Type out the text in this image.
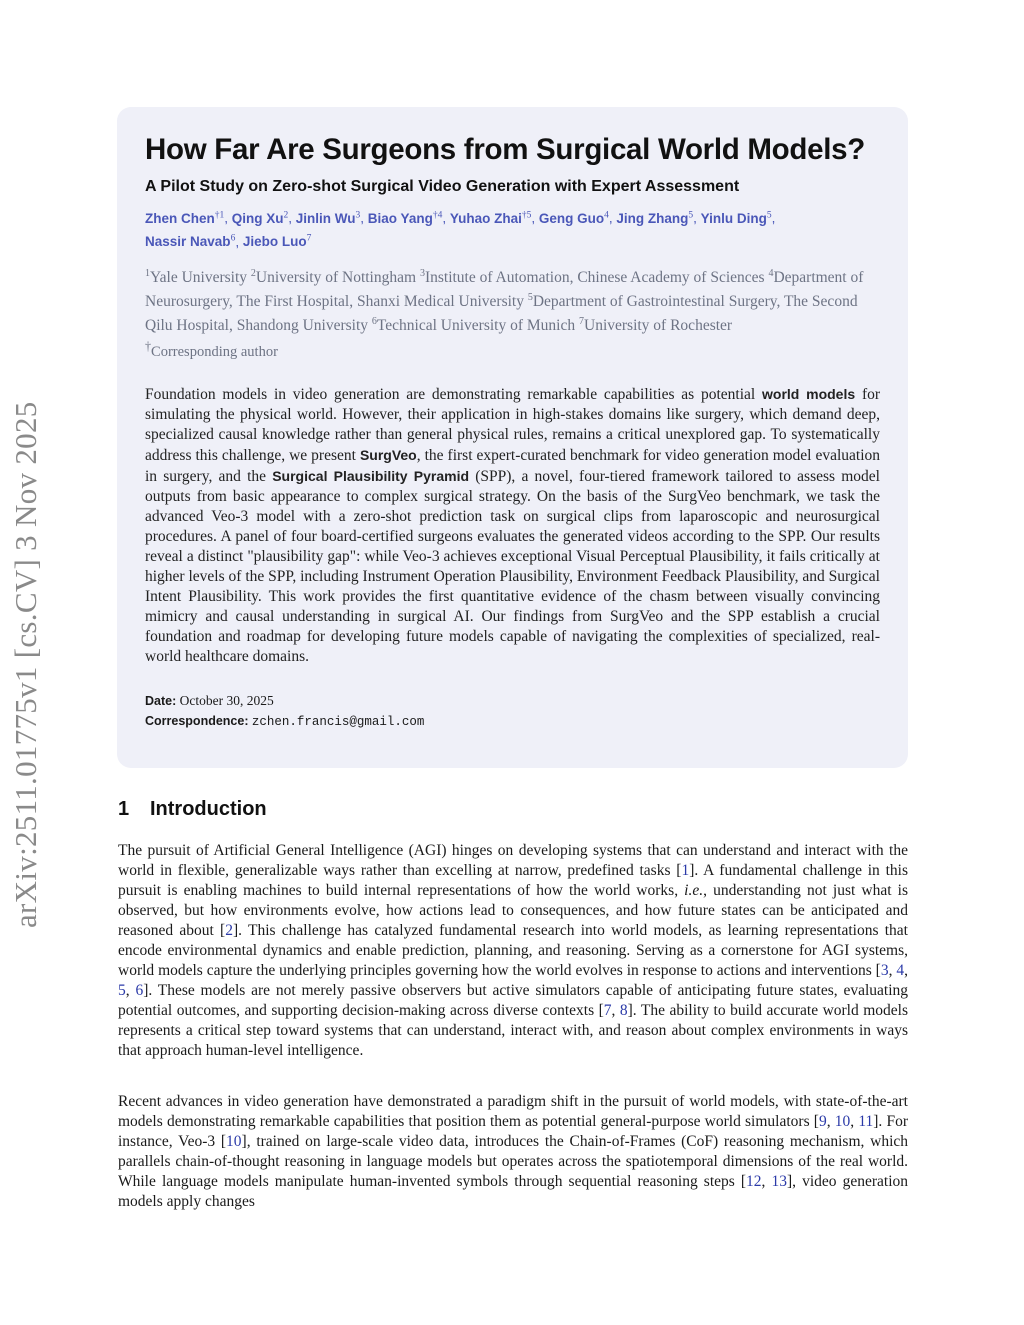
arXiv:2511.01775v1 [cs.CV] 3 Nov 2025
How Far Are Surgeons from Surgical World Models?
A Pilot Study on Zero-shot Surgical Video Generation with Expert Assessment
Zhen Chen$^{\dagger 1}$, Qing Xu$^2$, Jinlin Wu$^3$, Biao Yang$^{\dagger 4}$, Yuhao Zhai$^{\dagger 5}$, Geng Guo$^4$, Jing Zhang$^5$, Yinlu Ding$^5$,
Nassir Navab$^6$, Jiebo Luo$^7$
$^1$Yale University $^2$University of Nottingham $^3$Institute of Automation, Chinese Academy of Sciences $^4$Department of Neurosurgery, The First Hospital, Shanxi Medical University $^5$Department of Gastrointestinal Surgery, The Second Qilu Hospital, Shandong University $^6$Technical University of Munich $^7$University of Rochester
†Corresponding author
Foundation models in video generation are demonstrating remarkable capabilities as potential world models for simulating the physical world. However, their application in high-stakes domains like surgery, which demand deep, specialized causal knowledge rather than general physical rules, remains a critical unexplored gap. To systematically address this challenge, we present SurgVeo, the first expert-curated benchmark for video generation model evaluation in surgery, and the Surgical Plausibility Pyramid (SPP), a novel, four-tiered framework tailored to assess model outputs from basic appearance to complex surgical strategy. On the basis of the SurgVeo benchmark, we task the advanced Veo-3 model with a zero-shot prediction task on surgical clips from laparoscopic and neurosurgical procedures. A panel of four board-certified surgeons evaluates the generated videos according to the SPP. Our results reveal a distinct "plausibility gap": while Veo-3 achieves exceptional Visual Perceptual Plausibility, it fails critically at higher levels of the SPP, including Instrument Operation Plausibility, Environment Feedback Plausibility, and Surgical Intent Plausibility. This work provides the first quantitative evidence of the chasm between visually convincing mimicry and causal understanding in surgical AI. Our findings from SurgVeo and the SPP establish a crucial foundation and roadmap for developing future models capable of navigating the complexities of specialized, real-world healthcare domains.
Date: October 30, 2025
Correspondence: zchen.francis@gmail.com
1 Introduction
The pursuit of Artificial General Intelligence (AGI) hinges on developing systems that can understand and interact with the world in flexible, generalizable ways rather than excelling at narrow, predefined tasks [1]. A fundamental challenge in this pursuit is enabling machines to build internal representations of how the world works, i.e., understanding not just what is observed, but how environments evolve, how actions lead to consequences, and how future states can be anticipated and reasoned about [2]. This challenge has catalyzed fundamental research into world models, as learning representations that encode environmental dynamics and enable prediction, planning, and reasoning. Serving as a cornerstone for AGI systems, world models capture the underlying principles governing how the world evolves in response to actions and interventions [3, 4, 5, 6]. These models are not merely passive observers but active simulators capable of anticipating future states, evaluating potential outcomes, and supporting decision-making across diverse contexts [7, 8]. The ability to build accurate world models represents a critical step toward systems that can understand, interact with, and reason about complex environments in ways that approach human-level intelligence.
Recent advances in video generation have demonstrated a paradigm shift in the pursuit of world models, with state-of-the-art models demonstrating remarkable capabilities that position them as potential general-purpose world simulators [9, 10, 11]. For instance, Veo-3 [10], trained on large-scale video data, introduces the Chain-of-Frames (CoF) reasoning mechanism, which parallels chain-of-thought reasoning in language models but operates across the spatiotemporal dimensions of the real world. While language models manipulate human-invented symbols through sequential reasoning steps [12, 13], video generation models apply changes
